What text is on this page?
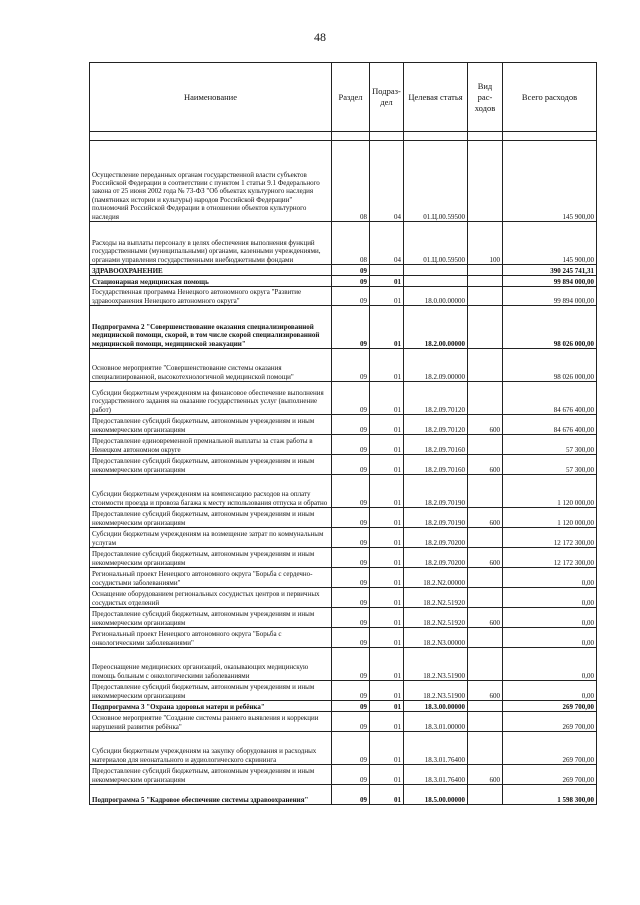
48
Наименование	Раздел	Подраз-дел	Целевая статья	Вид рас-ходов	Всего расходов

Осуществление переданных органам государственной власти субъектов Российской Федерации в соответствии с пунктом 1 статьи 9.1 Федерального закона от 25 июня 2002 года № 73-ФЗ "Об объектах культурного наследия (памятниках истории и культуры) народов Российской Федерации" полномочий Российской Федерации в отношении объектов культурного наследия	08	04	01.Ц.00.59500		145 900,00
Расходы на выплаты персоналу в целях обеспечения выполнения функций государственными (муниципальными) органами, казенными учреждениями, органами управления государственными внебюджетными фондами	08	04	01.Ц.00.59500	100	145 900,00
ЗДРАВООХРАНЕНИЕ	09				390 245 741,31
Стационарная медицинская помощь	09	01			99 894 000,00
Государственная программа Ненецкого автономного округа "Развитие здравоохранения Ненецкого автономного округа"	09	01	18.0.00.00000		99 894 000,00
Подпрограмма 2 "Совершенствование оказания специализированной медицинской помощи, скорой, в том числе скорой специализированной медицинской помощи, медицинской эвакуации"	09	01	18.2.00.00000		98 026 000,00
Основное мероприятие "Совершенствование системы оказания специализированной, высокотехнологичной медицинской помощи"	09	01	18.2.09.00000		98 026 000,00
Субсидии бюджетным учреждениям на финансовое обеспечение выполнения государственного задания на оказание государственных услуг (выполнение работ)	09	01	18.2.09.70120		84 676 400,00
Предоставление субсидий бюджетным, автономным учреждениям и иным некоммерческим организациям	09	01	18.2.09.70120	600	84 676 400,00
Предоставление единовременной премиальной выплаты за стаж работы в Ненецком автономном округе	09	01	18.2.09.70160		57 300,00
Предоставление субсидий бюджетным, автономным учреждениям и иным некоммерческим организациям	09	01	18.2.09.70160	600	57 300,00
Субсидии бюджетным учреждениям на компенсацию расходов на оплату стоимости проезда и провоза багажа к месту использования отпуска и обратно	09	01	18.2.09.70190		1 120 000,00
Предоставление субсидий бюджетным, автономным учреждениям и иным некоммерческим организациям	09	01	18.2.09.70190	600	1 120 000,00
Субсидии бюджетным учреждениям на возмещение затрат по коммунальным услугам	09	01	18.2.09.70200		12 172 300,00
Предоставление субсидий бюджетным, автономным учреждениям и иным некоммерческим организациям	09	01	18.2.09.70200	600	12 172 300,00
Региональный проект Ненецкого автономного округа "Борьба с сердечно-сосудистыми заболеваниями"	09	01	18.2.N2.00000		0,00
Оснащение оборудованием региональных сосудистых центров и первичных сосудистых отделений	09	01	18.2.N2.51920		0,00
Предоставление субсидий бюджетным, автономным учреждениям и иным некоммерческим организациям	09	01	18.2.N2.51920	600	0,00
Региональный проект Ненецкого автономного округа "Борьба с онкологическими заболеваниями"	09	01	18.2.N3.00000		0,00
Переоснащение медицинских организаций, оказывающих медицинскую помощь больным с онкологическими заболеваниями	09	01	18.2.N3.51900		0,00
Предоставление субсидий бюджетным, автономным учреждениям и иным некоммерческим организациям	09	01	18.2.N3.51900	600	0,00
Подпрограмма 3 "Охрана здоровья матери и ребёнка"	09	01	18.3.00.00000		269 700,00
Основное мероприятие "Создание системы раннего выявления и коррекции нарушений развития ребёнка"	09	01	18.3.01.00000		269 700,00
Субсидии бюджетным учреждениям на закупку оборудования и расходных материалов для неонатального и аудиологического скрининга	09	01	18.3.01.76400		269 700,00
Предоставление субсидий бюджетным, автономным учреждениям и иным некоммерческим организациям	09	01	18.3.01.76400	600	269 700,00
Подпрограмма 5 "Кадровое обеспечение системы здравоохранения"	09	01	18.5.00.00000		1 598 300,00
